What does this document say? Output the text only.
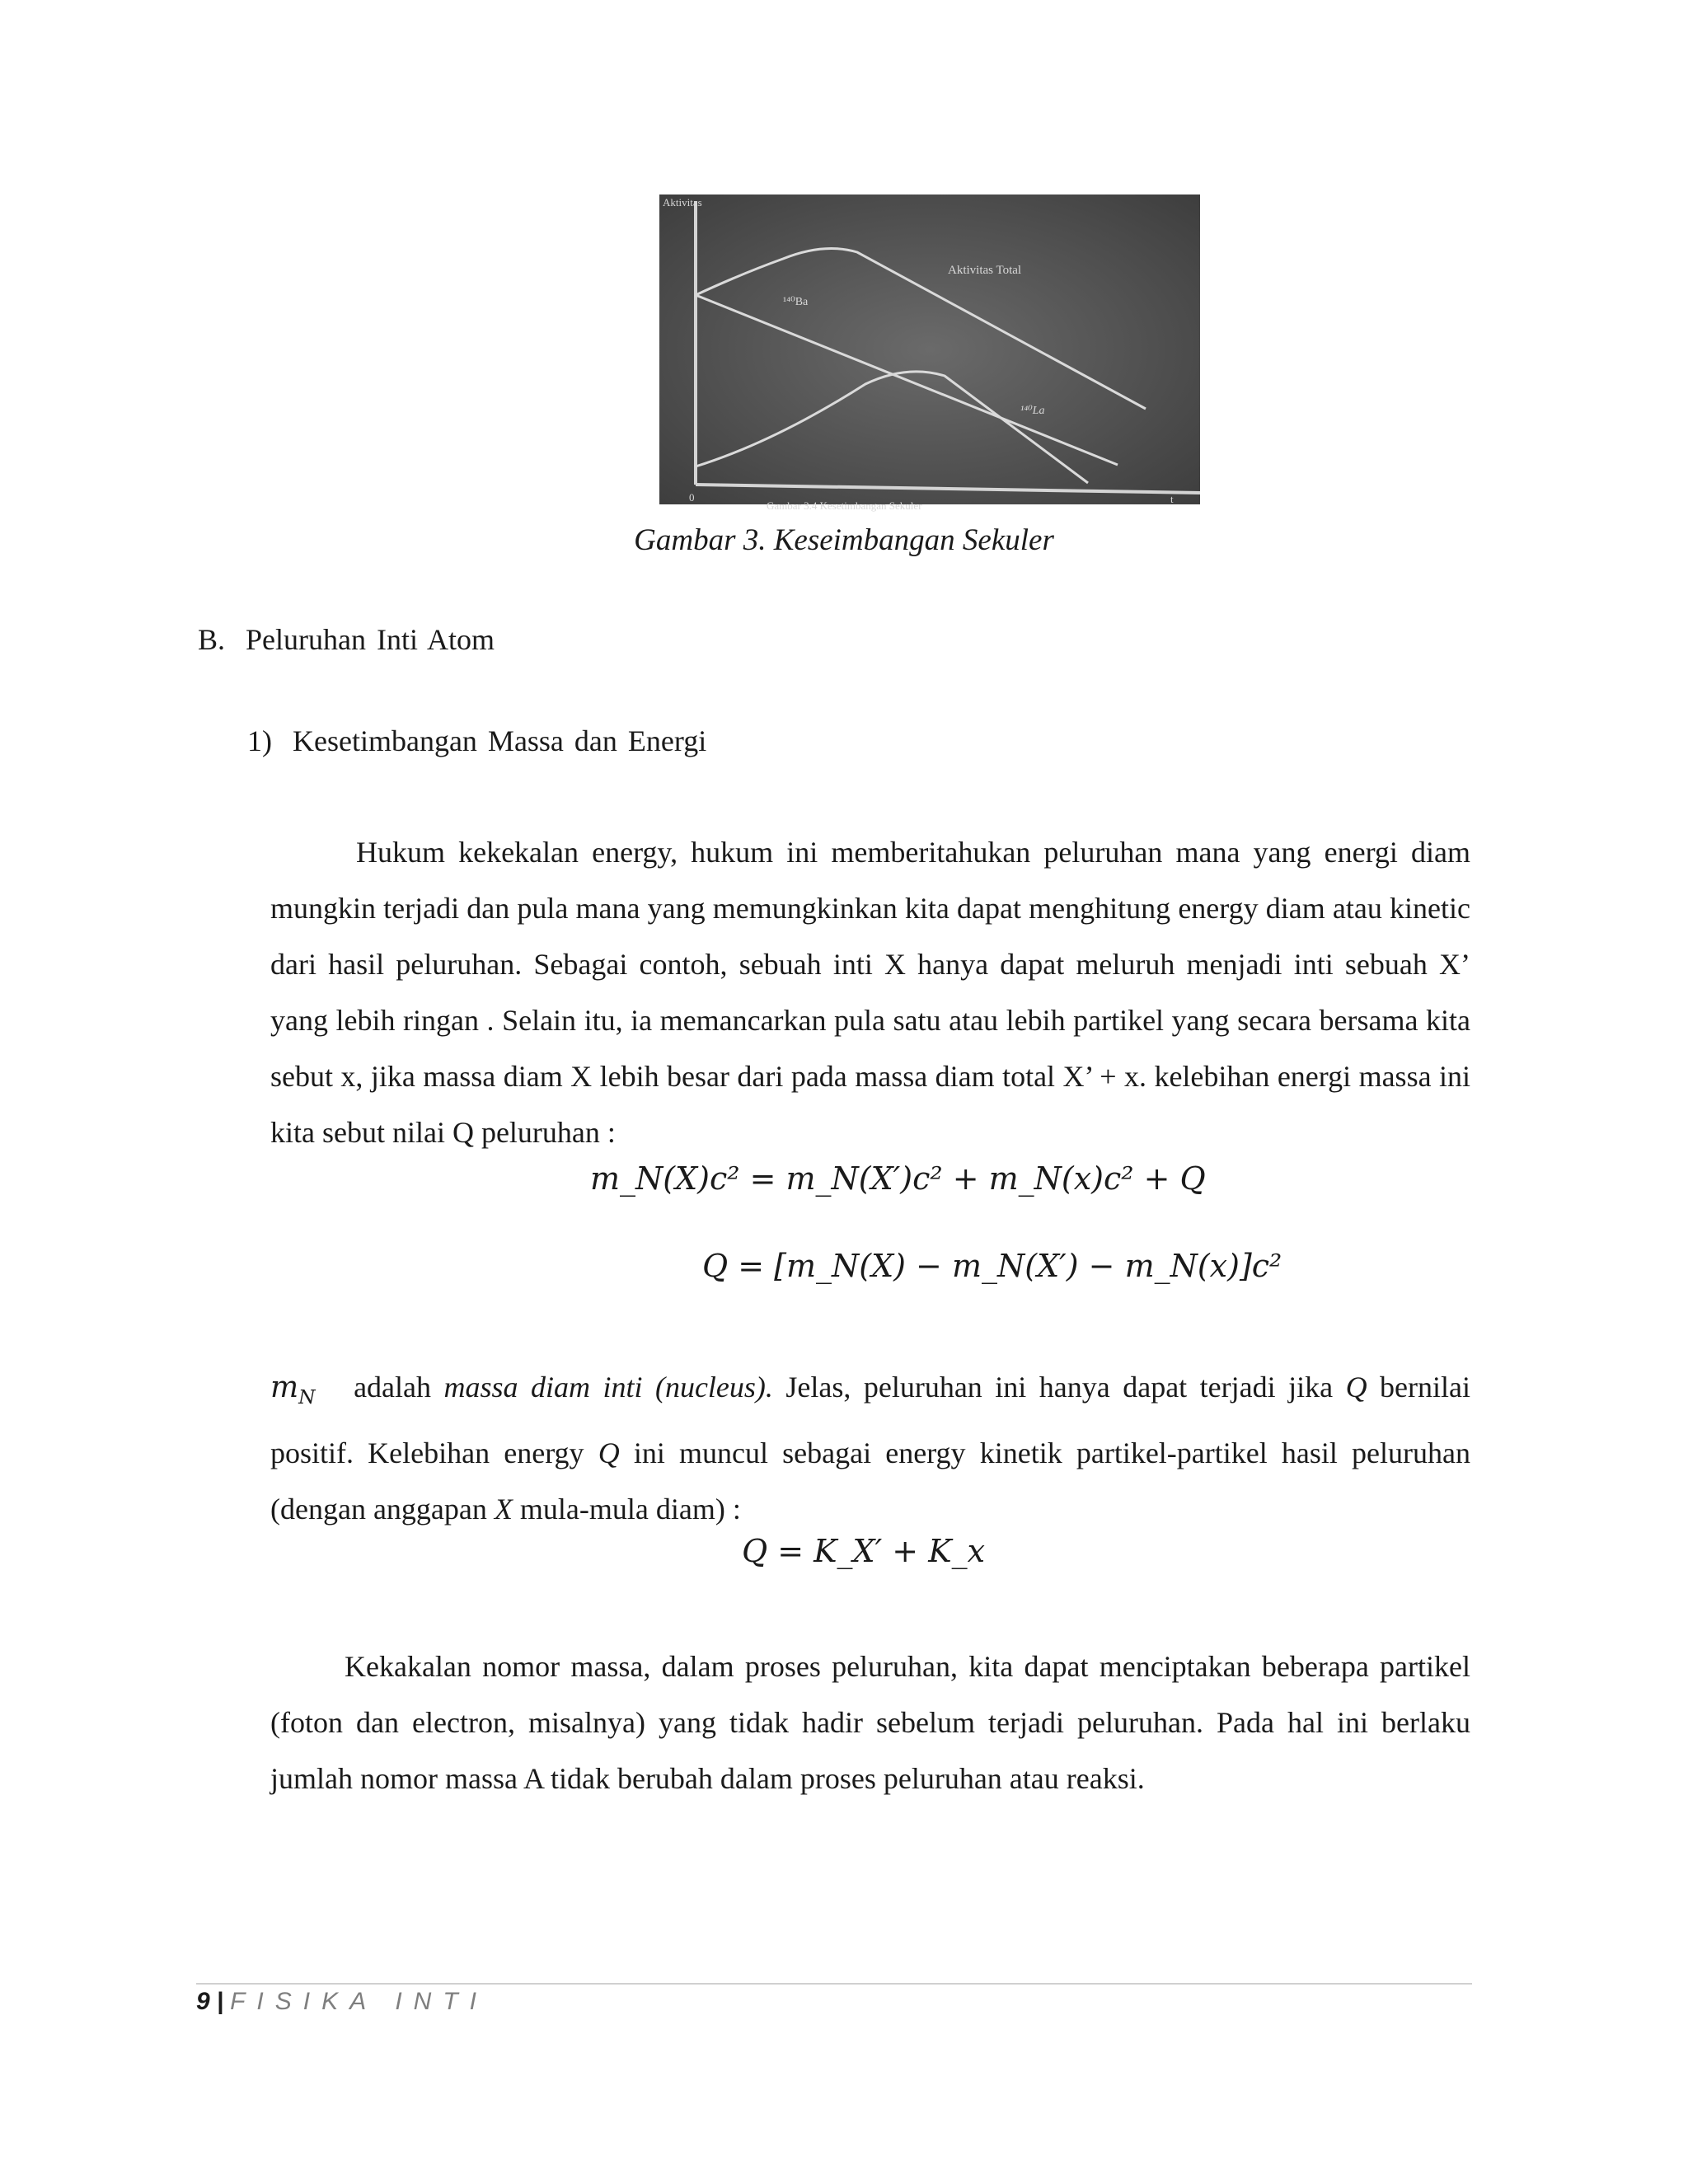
Aktivitas
Aktivitas Total
¹⁴⁰Ba
¹⁴⁰La
0	t
Gambar 3.4 Kesetimbangan Sekuler
Gambar 3. Keseimbangan Sekuler
B. Peluruhan Inti Atom
1) Kesetimbangan Massa dan Energi

Hukum kekekalan energy, hukum ini memberitahukan peluruhan mana yang energi diam mungkin terjadi dan pula mana yang memungkinkan kita dapat menghitung energy diam atau kinetic dari hasil peluruhan. Sebagai contoh, sebuah inti X hanya dapat meluruh menjadi inti sebuah X’ yang lebih ringan . Selain itu, ia memancarkan pula satu atau lebih partikel yang secara bersama kita sebut x, jika massa diam X lebih besar dari pada massa diam total X’ + x. kelebihan energi massa ini kita sebut nilai Q peluruhan :

m_N(X)c² = m_N(X′)c² + m_N(x)c² + Q
Q = [m_N(X) − m_N(X′) − m_N(x)]c²

$m_N$ adalah massa diam inti (nucleus). Jelas, peluruhan ini hanya dapat terjadi jika Q bernilai positif. Kelebihan energy Q ini muncul sebagai energy kinetik partikel-partikel hasil peluruhan (dengan anggapan X mula-mula diam) :

Q = K_X′ + K_x

Kekakalan nomor massa, dalam proses peluruhan, kita dapat menciptakan beberapa partikel (foton dan electron, misalnya) yang tidak hadir sebelum terjadi peluruhan. Pada hal ini berlaku jumlah nomor massa A tidak berubah dalam proses peluruhan atau reaksi.

9 | FISIKA INTI
